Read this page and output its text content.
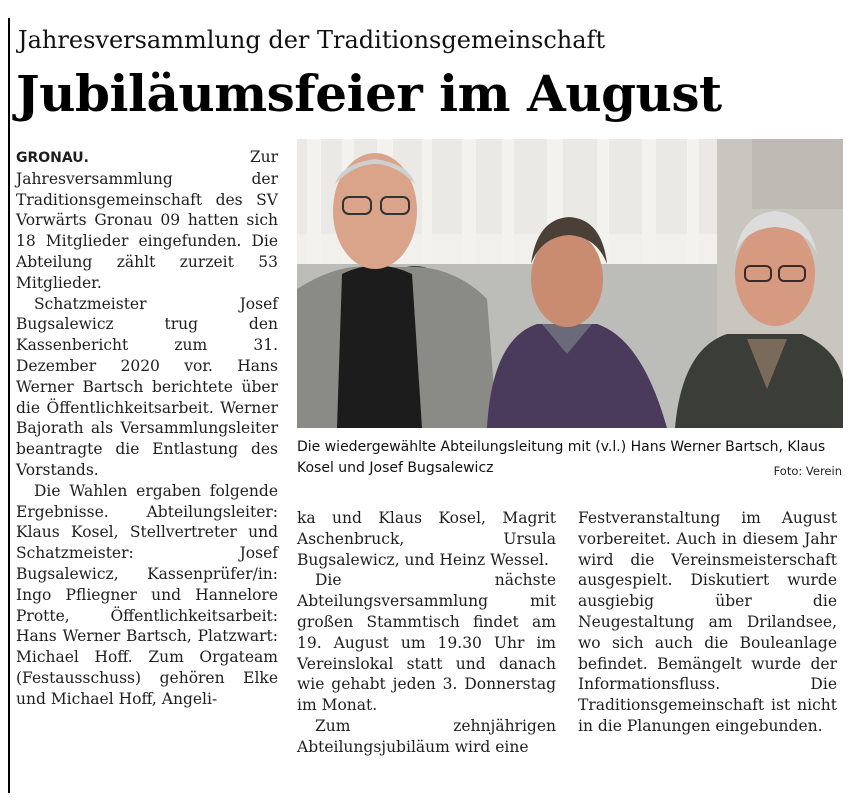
Jahresversammlung der Traditionsgemeinschaft
Jubiläumsfeier im August

GRONAU.	Zur Jahresversammlung der Traditionsgemeinschaft des SV Vorwärts Gronau 09 hatten sich 18 Mitglieder eingefunden. Die Abteilung zählt zurzeit 53 Mitglieder.

Schatzmeister Josef Bugsalewicz trug den Kassenbericht zum 31. Dezember 2020 vor. Hans Werner Bartsch berichtete über die Öffentlichkeitsarbeit. Werner Bajorath als Versammlungsleiter beantragte die Entlastung des Vorstands.

Die Wahlen ergaben folgende Ergebnisse. Abteilungsleiter: Klaus Kosel, Stellvertreter und Schatzmeister: Josef Bugsalewicz, Kassenprüfer/in: Ingo Pfliegner und Hannelore Protte, Öffentlichkeitsarbeit: Hans Werner Bartsch, Platzwart: Michael Hoff. Zum Orgateam (Festausschuss) gehören Elke und Michael Hoff, Angeli-

Die wiedergewählte Abteilungsleitung mit (v.l.) Hans Werner Bartsch, Klaus Kosel und Josef Bugsalewicz	Foto: Verein

ka und Klaus Kosel, Magrit Aschenbruck, Ursula Bugsalewicz, und Heinz Wessel.

Die nächste Abteilungsversammlung mit großen Stammtisch findet am 19. August um 19.30 Uhr im Vereinslokal statt und danach wie gehabt jeden 3. Donnerstag im Monat.

Zum zehnjährigen Abteilungsjubiläum wird eine

Festveranstaltung im August vorbereitet. Auch in diesem Jahr wird die Vereinsmeisterschaft ausgespielt. Diskutiert wurde ausgiebig über die Neugestaltung am Drilandsee, wo sich auch die Bouleanlage befindet. Bemängelt wurde der Informationsfluss. Die Traditionsgemeinschaft ist nicht in die Planungen eingebunden.
